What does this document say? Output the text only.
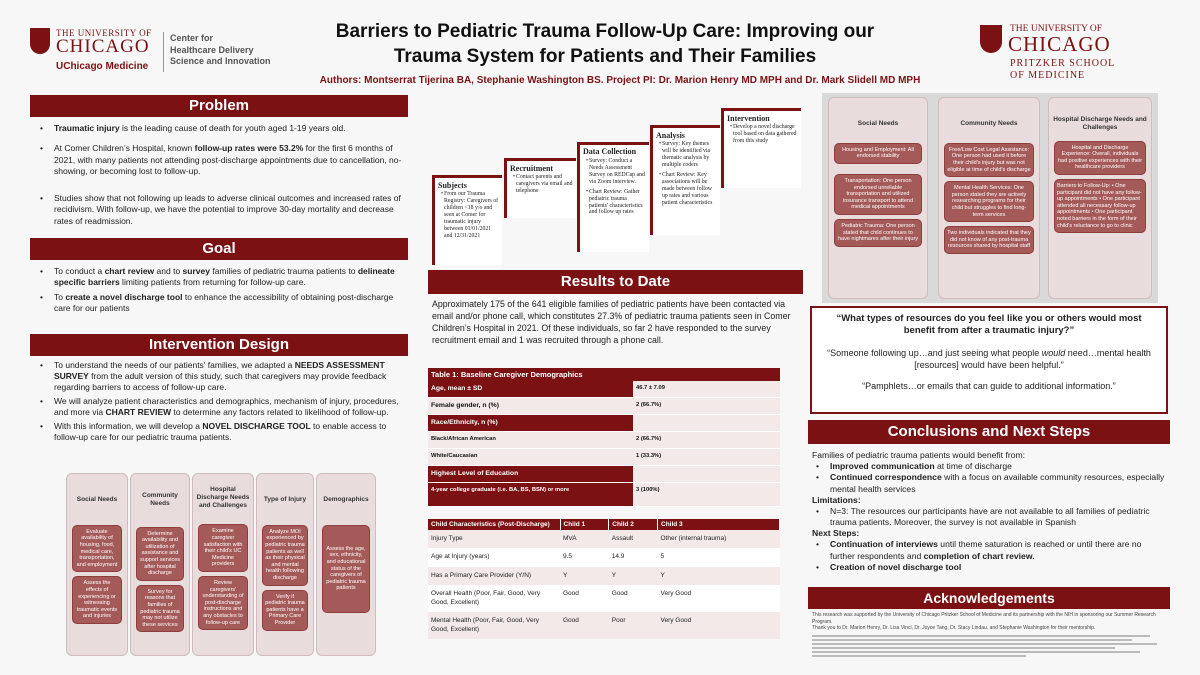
THE UNIVERSITY OF
CHICAGO
UChicago Medicine
Center for
Healthcare Delivery
Science and Innovation
Barriers to Pediatric Trauma Follow-Up Care: Improving our
Trauma System for Patients and Their Families
Authors: Montserrat Tijerina BA, Stephanie Washington BS. Project PI: Dr. Marion Henry MD MPH and Dr. Mark Slidell MD MPH
THE UNIVERSITY OF
CHICAGO
PRITZKER SCHOOL
OF MEDICINE
Problem
• Traumatic injury is the leading cause of death for youth aged 1-19 years old.
• At Comer Children’s Hospital, known follow-up rates were 53.2% for the first 6 months of 2021, with many patients not attending post-discharge appointments due to cancellation, no-showing, or becoming lost to follow-up.
• Studies show that not following up leads to adverse clinical outcomes and increased rates of recidivism. With follow-up, we have the potential to improve 30-day mortality and decrease rates of readmission.
Goal
• To conduct a chart review and to survey families of pediatric trauma patients to delineate specific barriers limiting patients from returning for follow-up care.
• To create a novel discharge tool to enhance the accessibility of obtaining post-discharge care for our patients
Intervention Design
• To understand the needs of our patients' families, we adapted a NEEDS ASSESSMENT SURVEY from the adult version of this study, such that caregivers may provide feedback regarding barriers to access of follow-up care.
• We will analyze patient characteristics and demographics, mechanism of injury, procedures, and more via CHART REVIEW to determine any factors related to likelihood of follow-up.
• With this information, we will develop a NOVEL DISCHARGE TOOL to enable access to follow-up care for our pediatric trauma patients.
Social Needs
Evaluate availability of housing, food, medical care, transportation, and employment
Assess the effects of experiencing or witnessing traumatic events and injuries
Community Needs
Determine availability and utilization of assistance and support services after hospital discharge
Survey for reasons that families of pediatric trauma may not utilize these services
Hospital Discharge Needs and Challenges
Examine caregiver satisfaction with their child's UC Medicine providers
Review caregivers' understanding of post-discharge instructions and any obstacles to follow-up care
Type of Injury
Analyze MOI experienced by pediatric trauma patients as well as their physical and mental health following discharge
Verify if pediatric trauma patients have a Primary Care Provider
Demographics
Assess the age, sex, ethnicity, and educational status of the caregivers of pediatric trauma patients
Subjects
• From our Trauma Registry: Caregivers of children <18 y/o and seen at Comer for traumatic injury between 01/01/2021 and 12/31/2021
Recruitment
• Contact parents and caregivers via email and telephone
Data Collection
• Survey: Conduct a Needs Assessment Survey on REDCap and via Zoom interview.
• Chart Review: Gather pediatric trauma patients' characteristics and follow up rates
Analysis
• Survey: Key themes will be identified via thematic analysis by multiple coders
• Chart Review: Key associations will be made between follow up rates and various patient characteristics
Intervention
• Develop a novel discharge tool based on data gathered from this study
Results to Date
Approximately 175 of the 641 eligible families of pediatric patients have been contacted via email and/or phone call, which constitutes 27.3% of pediatric trauma patients seen in Comer Children’s Hospital in 2021. Of these individuals, so far 2 have responded to the survey recruitment email and 1 was recruited through a phone call.
Table 1: Baseline Caregiver Demographics
Age, mean ± SD	46.7 ± 7.09
Female gender, n (%)	2 (66.7%)
Race/Ethnicity, n (%)
Black/African American	2 (66.7%)
White/Caucasian	1 (33.3%)
Highest Level of Education
4-year college graduate (i.e. BA, BS, BSN) or more	3 (100%)
Child Characteristics (Post-Discharge)	Child 1	Child 2	Child 3
Injury Type	MVA	Assault	Other (internal trauma)
Age at Injury (years)	9.5	14.9	5
Has a Primary Care Provider (Y/N)	Y	Y	Y
Overall Health (Poor, Fair, Good, Very Good, Excellent)	Good	Good	Very Good
Mental Health (Poor, Fair, Good, Very Good, Excellent)	Good	Poor	Very Good
Social Needs
Housing and Employment: All endorsed stability
Transportation: One person endorsed unreliable transportation and utilized insurance transport to attend medical appointments
Pediatric Trauma: One person stated that child continues to have nightmares after their injury
Community Needs
Free/Low Cost Legal Assistance: One person had used it before their child's injury but was not eligible at time of child's discharge
Mental Health Services: One person stated they are actively researching programs for their child but struggles to find long-term services
Two individuals indicated that they did not know of any post-trauma resources shared by hospital staff
Hospital Discharge Needs and Challenges
Hospital and Discharge Experience: Overall, individuals had positive experiences with their healthcare providers
Barriers to Follow-Up: • One participant did not have any follow-up appointments • One participant attended all necessary follow-up appointments • One participant noted barriers in the form of their child's reluctance to go to clinic
“What types of resources do you feel like you or others would most benefit from after a traumatic injury?”
“Someone following up…and just seeing what people would need…mental health [resources] would have been helpful.”
“Pamphlets…or emails that can guide to additional information.”
Conclusions and Next Steps
Families of pediatric trauma patients would benefit from:
• Improved communication at time of discharge
• Continued correspondence with a focus on available community resources, especially mental health services
Limitations:
• N=3: The resources our participants have are not available to all families of pediatric trauma patients. Moreover, the survey is not available in Spanish
Next Steps:
• Continuation of interviews until theme saturation is reached or until there are no further respondents and completion of chart review.
• Creation of novel discharge tool
Acknowledgements
This research was supported by the University of Chicago Pritzker School of Medicine and its partnership with the NIH in sponsoring our Summer Research Program.
Thank you to Dr. Marion Henry, Dr. Lisa Vinci, Dr. Joyce Tang, Dr. Stacy Lindau, and Stephanie Washington for their mentorship.
